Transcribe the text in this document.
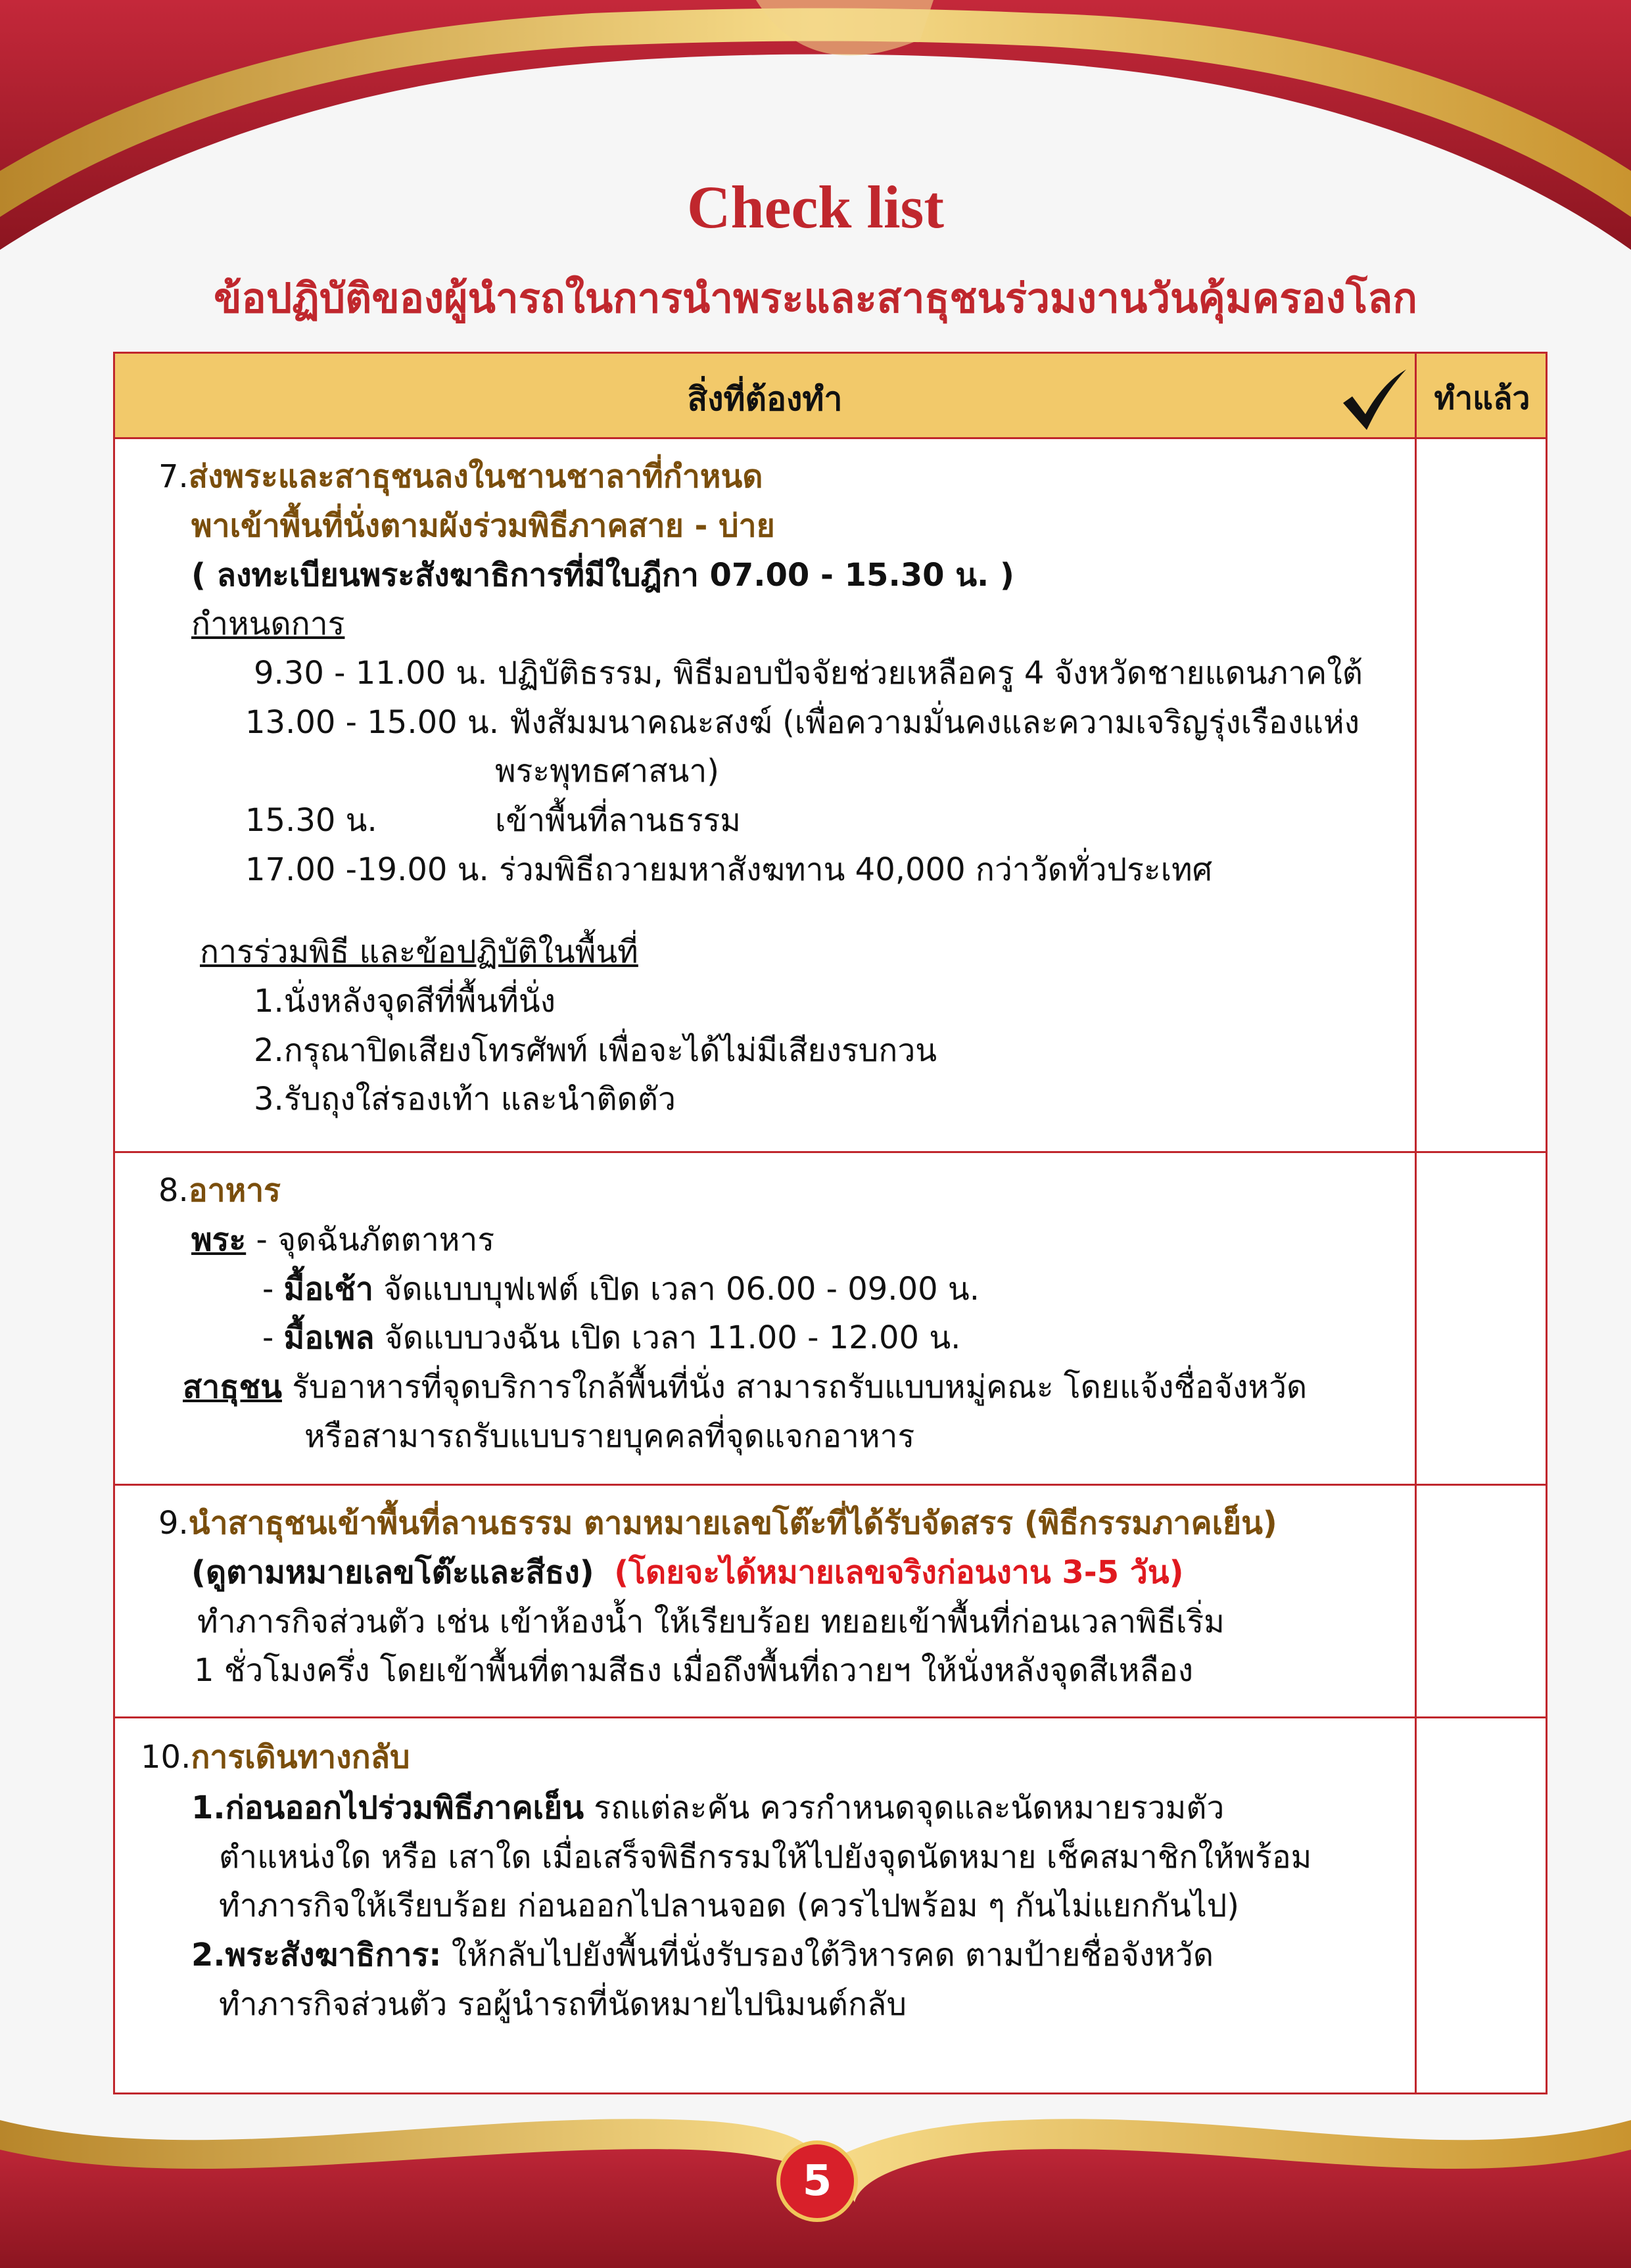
Check list
ข้อปฏิบัติของผู้นำรถในการนำพระและสาธุชนร่วมงานวันคุ้มครองโลก
สิ่งที่ต้องทำ	ทำแล้ว
7.ส่งพระและสาธุชนลงในชานชาลาที่กำหนด
พาเข้าพื้นที่นั่งตามผังร่วมพิธีภาคสาย - บ่าย
( ลงทะเบียนพระสังฆาธิการที่มีใบฎีกา 07.00 - 15.30 น. )
กำหนดการ
9.30 - 11.00 น. ปฏิบัติธรรม, พิธีมอบปัจจัยช่วยเหลือครู 4 จังหวัดชายแดนภาคใต้
13.00 - 15.00 น. ฟังสัมมนาคณะสงฆ์ (เพื่อความมั่นคงและความเจริญรุ่งเรืองแห่ง
พระพุทธศาสนา)
15.30 น.	เข้าพื้นที่ลานธรรม
17.00 -19.00 น. ร่วมพิธีถวายมหาสังฆทาน 40,000 กว่าวัดทั่วประเทศ
การร่วมพิธี และข้อปฏิบัติในพื้นที่
1.นั่งหลังจุดสีที่พื้นที่นั่ง
2.กรุณาปิดเสียงโทรศัพท์ เพื่อจะได้ไม่มีเสียงรบกวน
3.รับถุงใส่รองเท้า และนำติดตัว
8.อาหาร
พระ - จุดฉันภัตตาหาร
- มื้อเช้า จัดแบบบุฟเฟต์ เปิด เวลา 06.00 - 09.00 น.
- มื้อเพล จัดแบบวงฉัน เปิด เวลา 11.00 - 12.00 น.
สาธุชน รับอาหารที่จุดบริการใกล้พื้นที่นั่ง สามารถรับแบบหมู่คณะ โดยแจ้งชื่อจังหวัด
หรือสามารถรับแบบรายบุคคลที่จุดแจกอาหาร
9.นำสาธุชนเข้าพื้นที่ลานธรรม ตามหมายเลขโต๊ะที่ได้รับจัดสรร (พิธีกรรมภาคเย็น)
(ดูตามหมายเลขโต๊ะและสีธง) (โดยจะได้หมายเลขจริงก่อนงาน 3-5 วัน)
ทำภารกิจส่วนตัว เช่น เข้าห้องน้ำ ให้เรียบร้อย ทยอยเข้าพื้นที่ก่อนเวลาพิธีเริ่ม
1 ชั่วโมงครึ่ง โดยเข้าพื้นที่ตามสีธง เมื่อถึงพื้นที่ถวายฯ ให้นั่งหลังจุดสีเหลือง
10.การเดินทางกลับ
1.ก่อนออกไปร่วมพิธีภาคเย็น รถแต่ละคัน ควรกำหนดจุดและนัดหมายรวมตัว
ตำแหน่งใด หรือ เสาใด เมื่อเสร็จพิธีกรรมให้ไปยังจุดนัดหมาย เช็คสมาชิกให้พร้อม
ทำภารกิจให้เรียบร้อย ก่อนออกไปลานจอด (ควรไปพร้อม ๆ กันไม่แยกกันไป)
2.พระสังฆาธิการ: ให้กลับไปยังพื้นที่นั่งรับรองใต้วิหารคด ตามป้ายชื่อจังหวัด
ทำภารกิจส่วนตัว รอผู้นำรถที่นัดหมายไปนิมนต์กลับ
5
